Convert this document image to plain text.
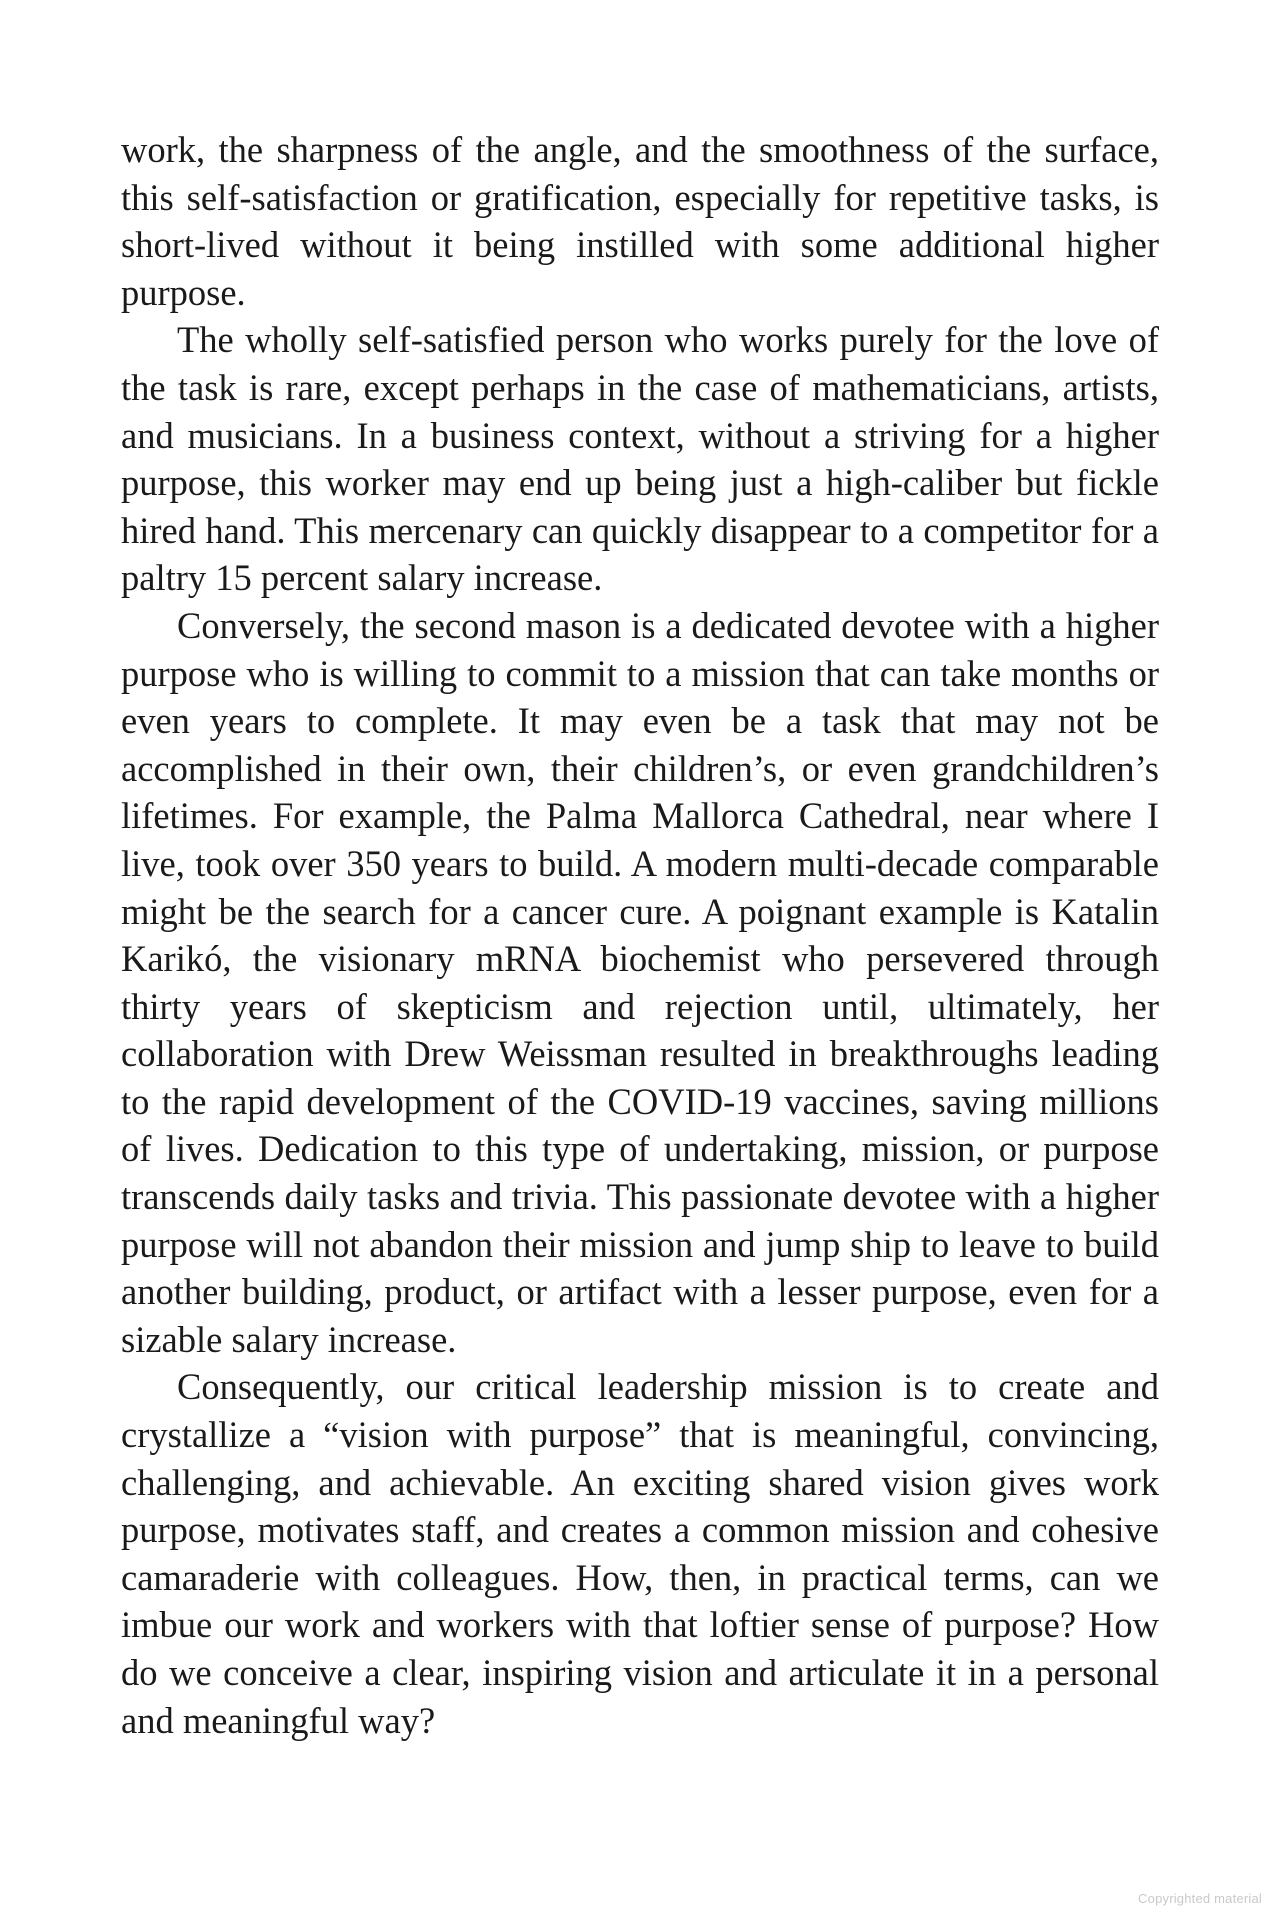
work, the sharpness of the angle, and the smoothness of the surface, this self-satisfaction or gratification, especially for repetitive tasks, is short-lived without it being instilled with some additional higher purpose.

The wholly self-satisfied person who works purely for the love of the task is rare, except perhaps in the case of mathematicians, artists, and musicians. In a business context, without a striving for a higher purpose, this worker may end up being just a high-caliber but fickle hired hand. This mercenary can quickly disappear to a competitor for a paltry 15 percent salary increase.

Conversely, the second mason is a dedicated devotee with a higher purpose who is willing to commit to a mission that can take months or even years to complete. It may even be a task that may not be accomplished in their own, their children’s, or even grandchildren’s lifetimes. For example, the Palma Mallorca Cathedral, near where I live, took over 350 years to build. A modern multi-decade comparable might be the search for a cancer cure. A poignant example is Katalin Karikó, the visionary mRNA biochemist who persevered through thirty years of skepticism and rejection until, ultimately, her collaboration with Drew Weissman resulted in breakthroughs leading to the rapid development of the COVID-19 vaccines, saving millions of lives. Dedication to this type of undertaking, mission, or purpose transcends daily tasks and trivia. This passionate devotee with a higher purpose will not abandon their mission and jump ship to leave to build another building, product, or artifact with a lesser purpose, even for a sizable salary increase.

Consequently, our critical leadership mission is to create and crystallize a “vision with purpose” that is meaningful, convincing, challenging, and achievable. An exciting shared vision gives work purpose, motivates staff, and creates a common mission and cohesive camaraderie with colleagues. How, then, in practical terms, can we imbue our work and workers with that loftier sense of purpose? How do we conceive a clear, inspiring vision and articulate it in a personal and meaningful way?

Copyrighted material
